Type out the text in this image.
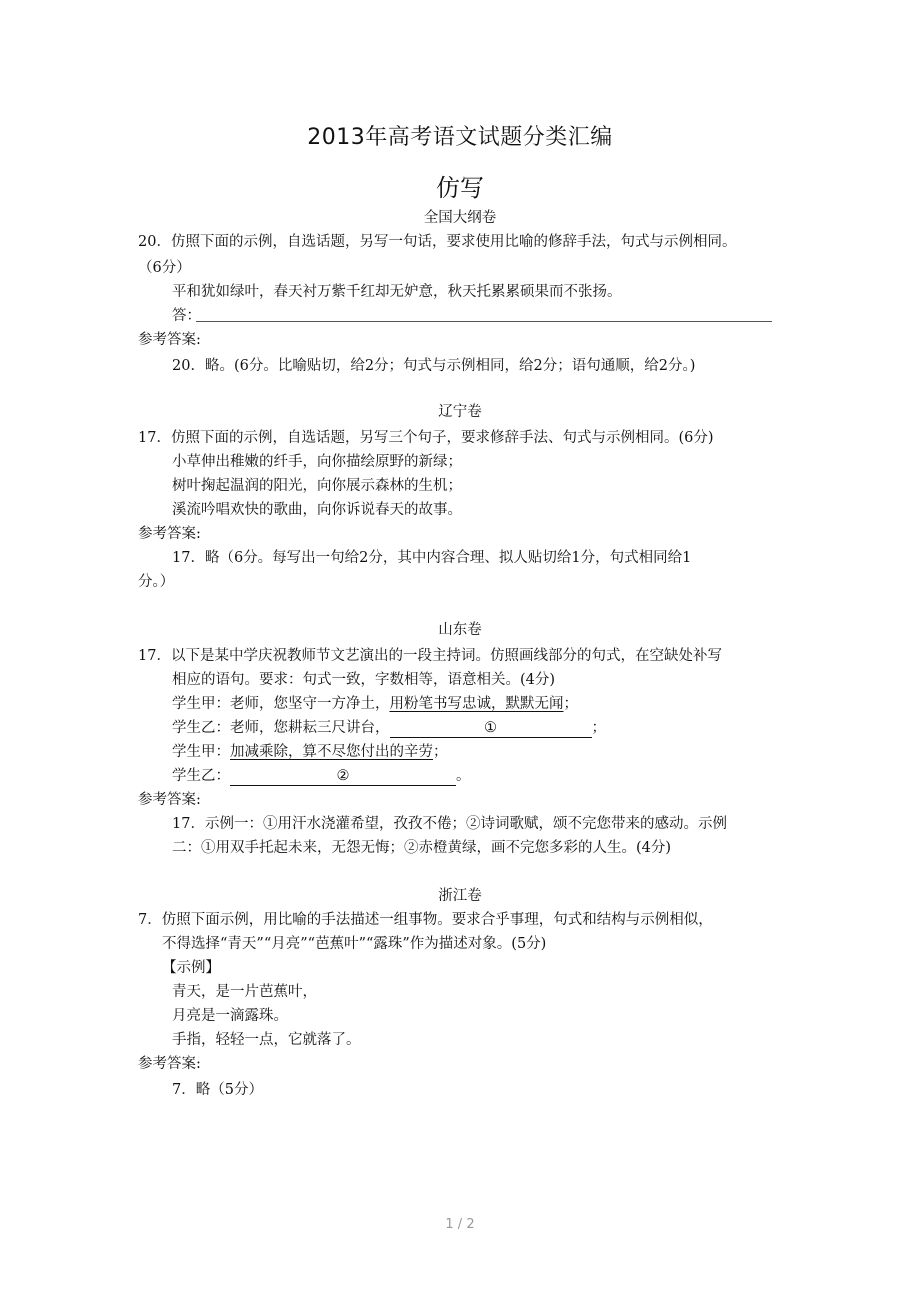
2013年高考语文试题分类汇编
仿写
全国大纲卷
20．仿照下面的示例，自选话题，另写一句话，要求使用比喻的修辞手法，句式与示例相同。
（6分）
平和犹如绿叶，春天衬万紫千红却无妒意，秋天托累累硕果而不张扬。
答：
参考答案:
20．略。(6分。比喻贴切，给2分；句式与示例相同，给2分；语句通顺，给2分。)
辽宁卷
17．仿照下面的示例，自选话题，另写三个句子，要求修辞手法、句式与示例相同。(6分)
小草伸出稚嫩的纤手，向你描绘原野的新绿；
树叶掬起温润的阳光，向你展示森林的生机；
溪流吟唱欢快的歌曲，向你诉说春天的故事。
参考答案:
17．略（6分。每写出一句给2分，其中内容合理、拟人贴切给1分，句式相同给1
分。）
山东卷
17．以下是某中学庆祝教师节文艺演出的一段主持词。仿照画线部分的句式，在空缺处补写
相应的语句。要求：句式一致，字数相等，语意相关。(4分)
学生甲：老师，您坚守一方净土，用粉笔书写忠诚，默默无闻；
学生乙：老师，您耕耘三尺讲台，	①	；
学生甲：加减乘除，算不尽您付出的辛劳；
学生乙：	②	。
参考答案:
17．示例一：①用汗水浇灌希望，孜孜不倦；②诗词歌赋，颂不完您带来的感动。示例
二：①用双手托起未来，无怨无悔；②赤橙黄绿，画不完您多彩的人生。(4分)
浙江卷
7．仿照下面示例，用比喻的手法描述一组事物。要求合乎事理，句式和结构与示例相似，
不得选择“青天”“月亮”“芭蕉叶”“露珠”作为描述对象。(5分)
【示例】
青天，是一片芭蕉叶，
月亮是一滴露珠。
手指，轻轻一点，它就落了。
参考答案:
7．略（5分）
1 / 2
